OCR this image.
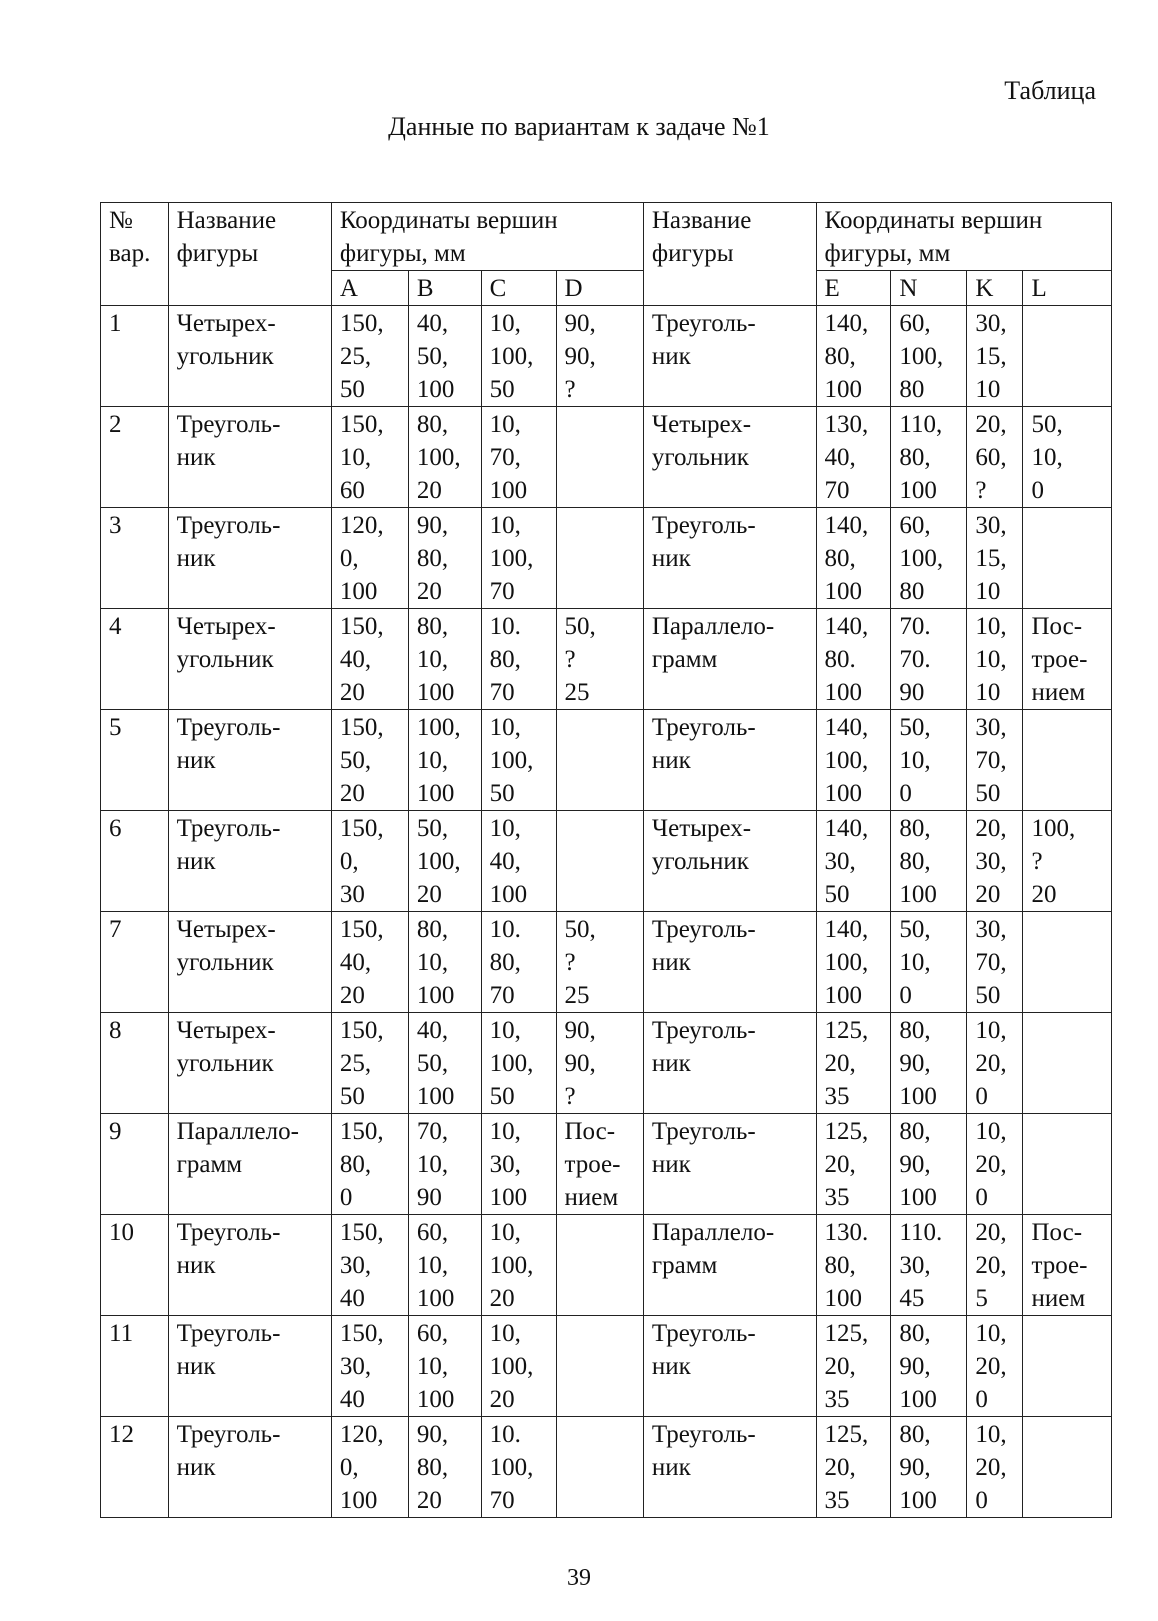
Таблица
Данные по вариантам к задаче №1
№
вар.	Название
фигуры	Координаты вершин
фигуры, мм				Название
фигуры	Координаты вершин
фигуры, мм			
		A	B	C	D		E	N	K	L
1	Четырех-
угольник	150,
25,
50	40,
50,
100	10,
100,
50	90,
90,
?	Треуголь-
ник	140,
80,
100	60,
100,
80	30,
15,
10	
2	Треуголь-
ник	150,
10,
60	80,
100,
20	10,
70,
100		Четырех-
угольник	130,
40,
70	110,
80,
100	20,
60,
?	50,
10,
0
3	Треуголь-
ник	120,
0,
100	90,
80,
20	10,
100,
70		Треуголь-
ник	140,
80,
100	60,
100,
80	30,
15,
10	
4	Четырех-
угольник	150,
40,
20	80,
10,
100	10.
80,
70	50,
?
25	Параллело-
грамм	140,
80.
100	70.
70.
90	10,
10,
10	Пос-
трое-
нием
5	Треуголь-
ник	150,
50,
20	100,
10,
100	10,
100,
50		Треуголь-
ник	140,
100,
100	50,
10,
0	30,
70,
50	
6	Треуголь-
ник	150,
0,
30	50,
100,
20	10,
40,
100		Четырех-
угольник	140,
30,
50	80,
80,
100	20,
30,
20	100,
?
20
7	Четырех-
угольник	150,
40,
20	80,
10,
100	10.
80,
70	50,
?
25	Треуголь-
ник	140,
100,
100	50,
10,
0	30,
70,
50	
8	Четырех-
угольник	150,
25,
50	40,
50,
100	10,
100,
50	90,
90,
?	Треуголь-
ник	125,
20,
35	80,
90,
100	10,
20,
0	
9	Параллело-
грамм	150,
80,
0	70,
10,
90	10,
30,
100	Пос-
трое-
нием	Треуголь-
ник	125,
20,
35	80,
90,
100	10,
20,
0	
10	Треуголь-
ник	150,
30,
40	60,
10,
100	10,
100,
20		Параллело-
грамм	130.
80,
100	110.
30,
45	20,
20,
5	Пос-
трое-
нием
11	Треуголь-
ник	150,
30,
40	60,
10,
100	10,
100,
20		Треуголь-
ник	125,
20,
35	80,
90,
100	10,
20,
0	
12	Треуголь-
ник	120,
0,
100	90,
80,
20	10.
100,
70		Треуголь-
ник	125,
20,
35	80,
90,
100	10,
20,
0	
39
